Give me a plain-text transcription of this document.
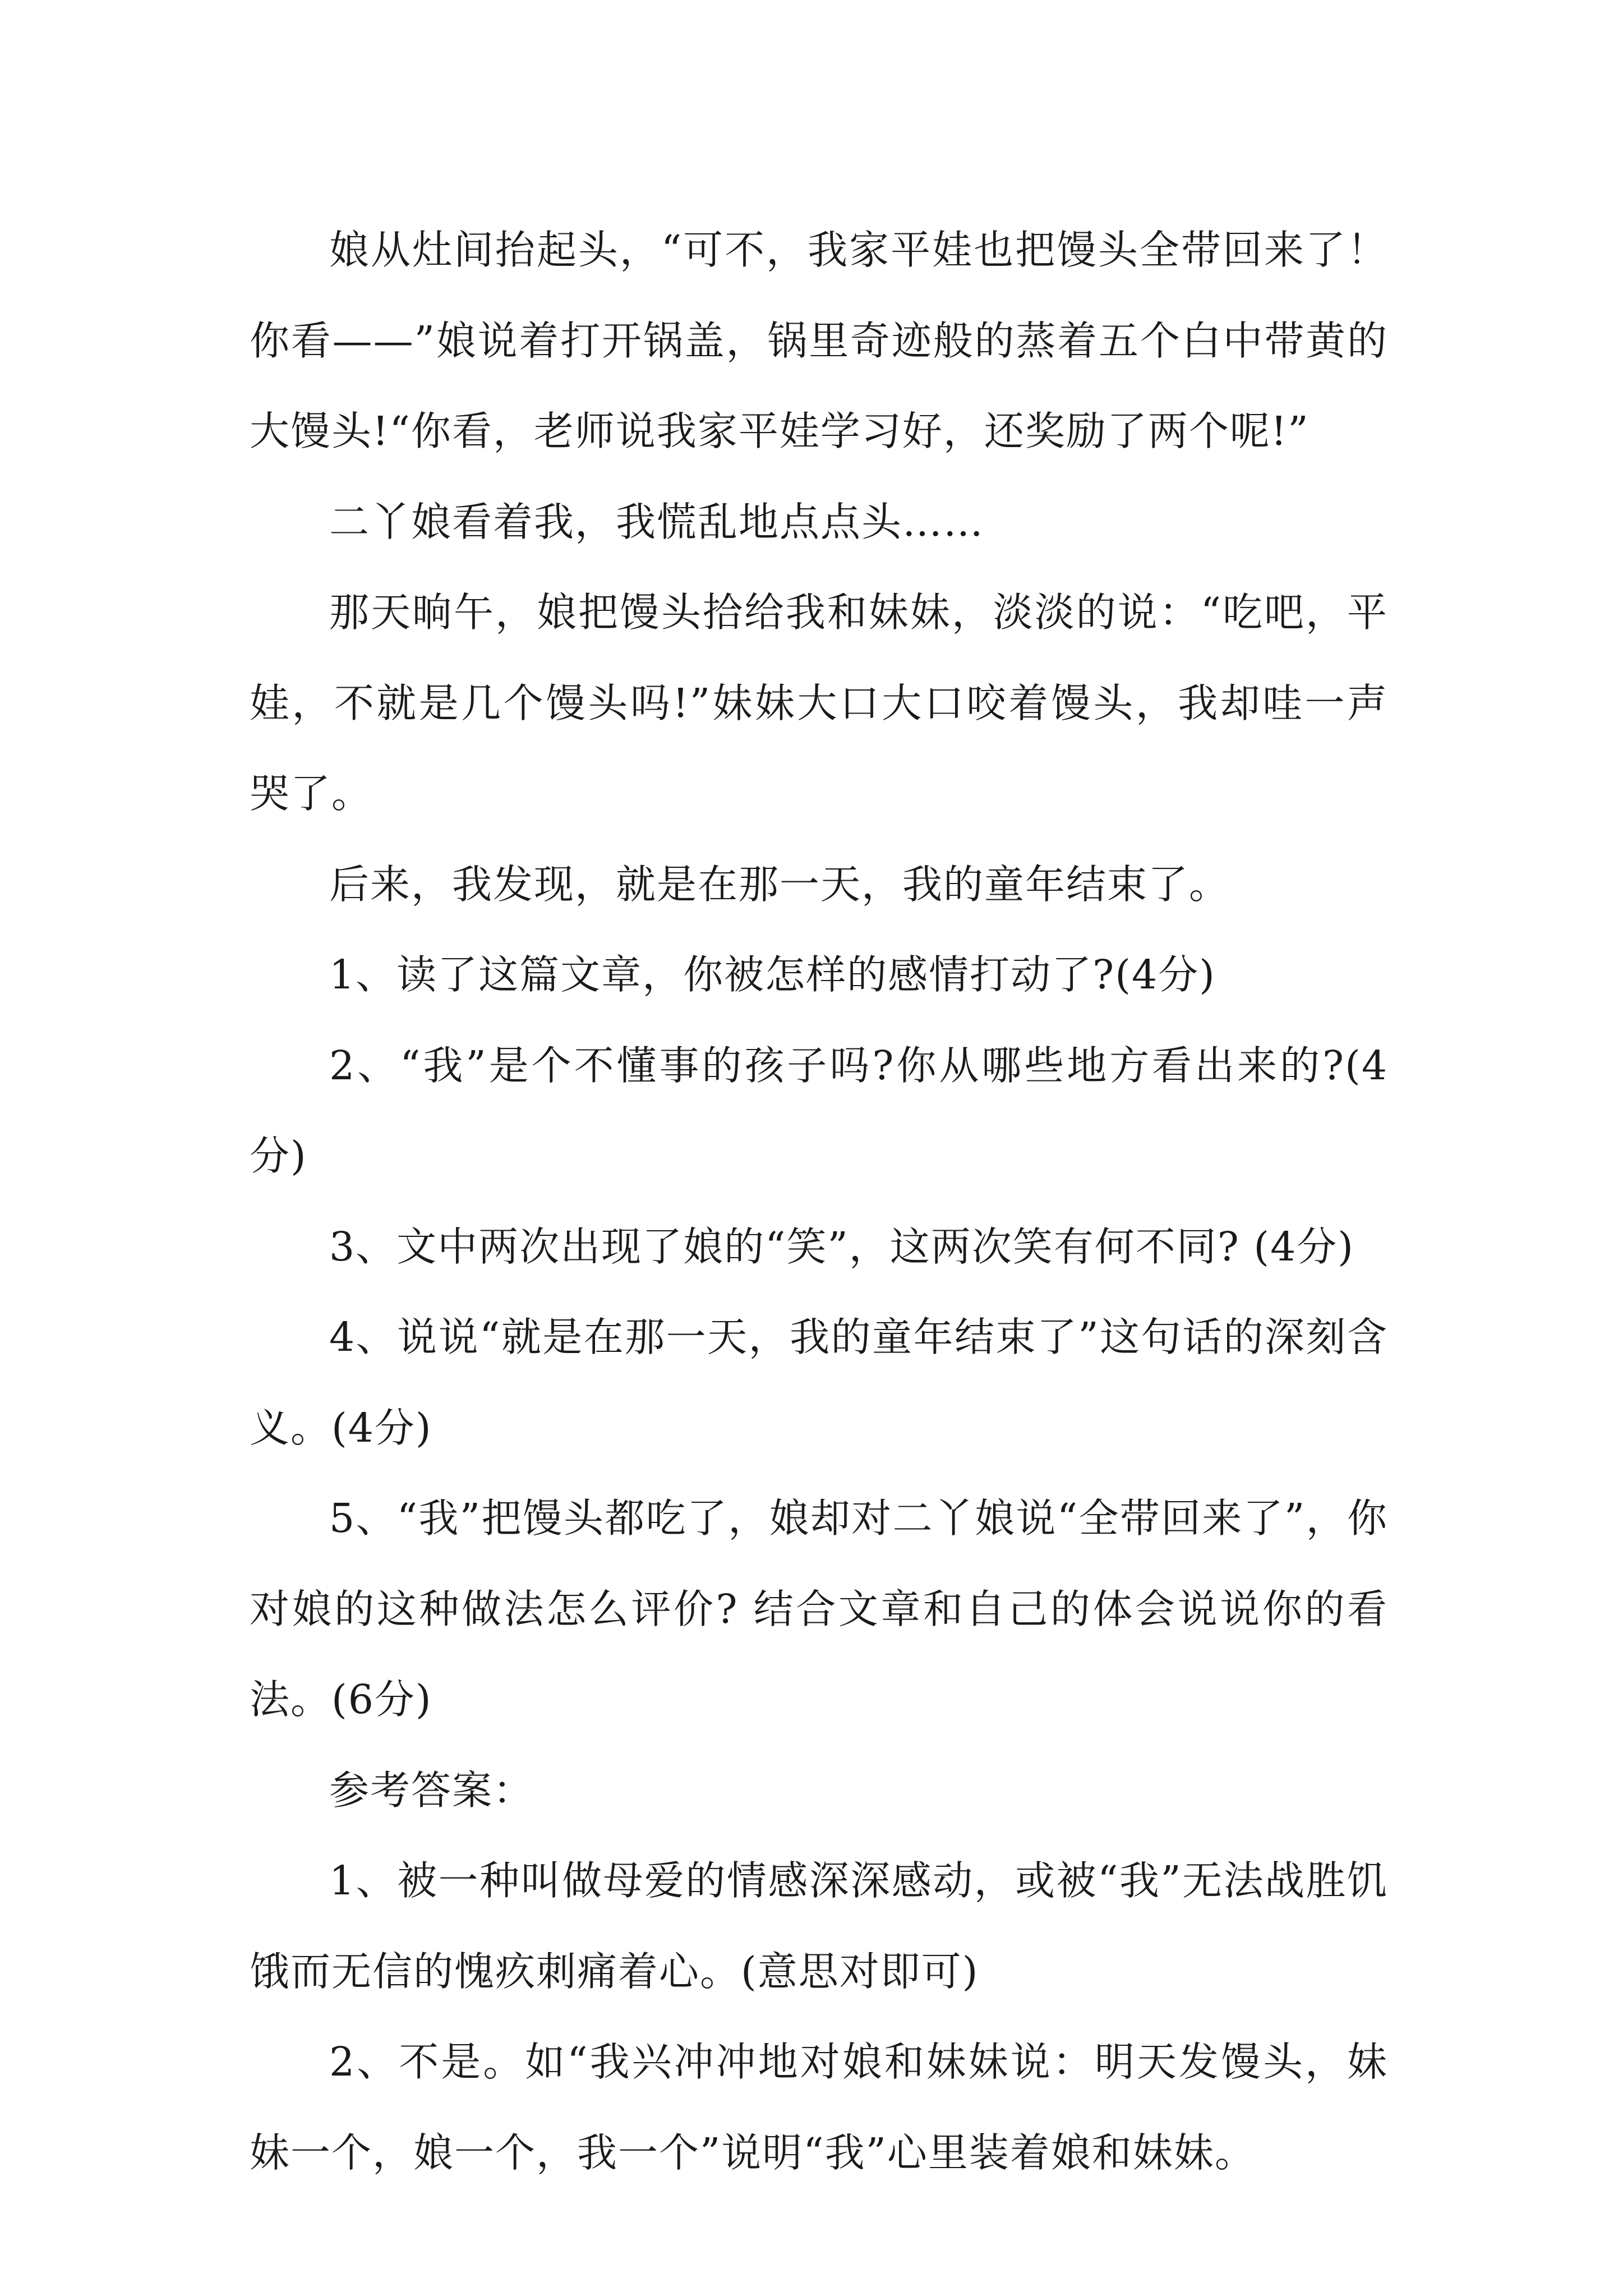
娘从灶间抬起头，“可不，我家平娃也把馒头全带回来了！你看——”娘说着打开锅盖，锅里奇迹般的蒸着五个白中带黄的大馒头!“你看，老师说我家平娃学习好，还奖励了两个呢!”

二丫娘看着我，我慌乱地点点头……

那天晌午，娘把馒头拾给我和妹妹，淡淡的说：“吃吧，平娃，不就是几个馒头吗!”妹妹大口大口咬着馒头，我却哇一声哭了。

后来，我发现，就是在那一天，我的童年结束了。

1、读了这篇文章，你被怎样的感情打动了?(4分)

2、“我”是个不懂事的孩子吗?你从哪些地方看出来的?(4分)

3、文中两次出现了娘的“笑”，这两次笑有何不同? (4分)

4、说说“就是在那一天，我的童年结束了”这句话的深刻含义。(4分)

5、“我”把馒头都吃了，娘却对二丫娘说“全带回来了”，你对娘的这种做法怎么评价? 结合文章和自己的体会说说你的看法。(6分)

参考答案：

1、被一种叫做母爱的情感深深感动，或被“我”无法战胜饥饿而无信的愧疚刺痛着心。(意思对即可)

2、不是。如“我兴冲冲地对娘和妹妹说：明天发馒头，妹妹一个，娘一个，我一个”说明“我”心里装着娘和妹妹。
